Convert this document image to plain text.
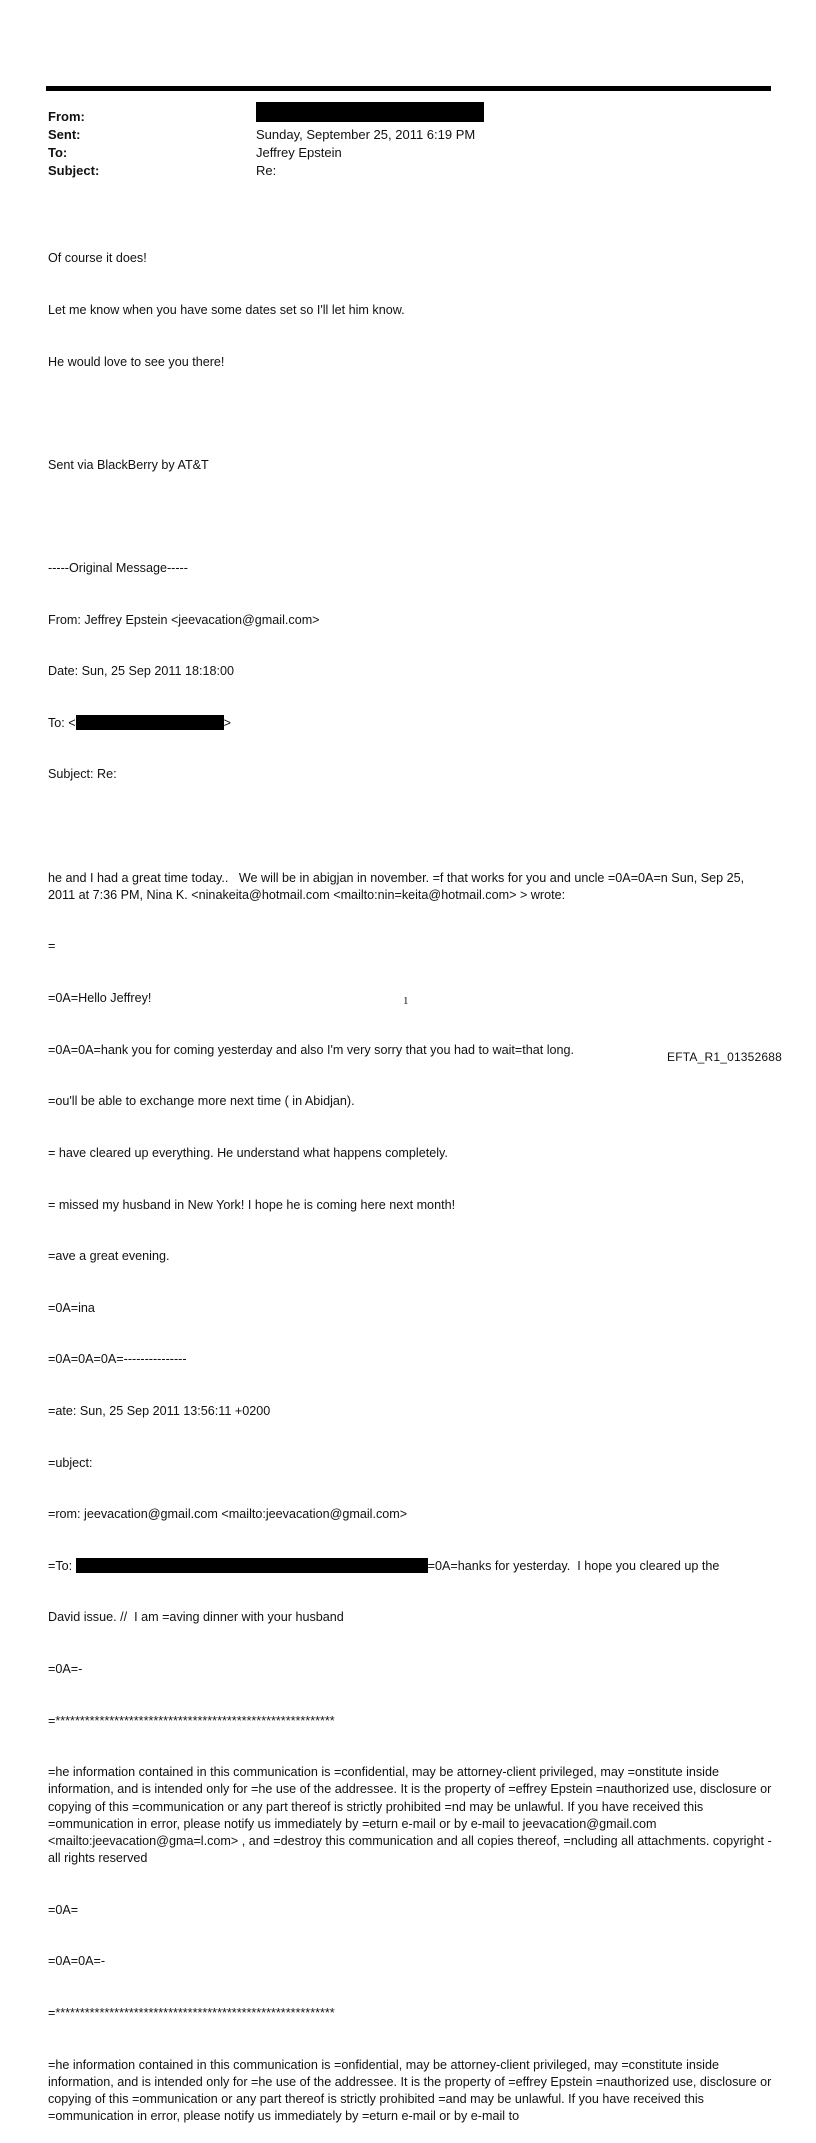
From:
Sent:	Sunday, September 25, 2011 6:19 PM
To:	Jeffrey Epstein
Subject:	Re:

Of course it does!

Let me know when you have some dates set so I'll let him know.

He would love to see you there!

Sent via BlackBerry by AT&T

-----Original Message-----

From: Jeffrey Epstein <jeevacation@gmail.com>

Date: Sun, 25 Sep 2011 18:18:00

To: <	>

Subject: Re:

he and I had a great time today..   We will be in abigjan in november. =f that works for you and uncle =0A=0A=n Sun, Sep 25, 2011 at 7:36 PM, Nina K. <ninakeita@hotmail.com <mailto:nin=keita@hotmail.com> > wrote:

=

=0A=Hello Jeffrey!

=0A=0A=hank you for coming yesterday and also I'm very sorry that you had to wait=that long.

=ou'll be able to exchange more next time ( in Abidjan).

= have cleared up everything. He understand what happens completely.

= missed my husband in New York! I hope he is coming here next month!

=ave a great evening.

=0A=ina

=0A=0A=0A=---------------

=ate: Sun, 25 Sep 2011 13:56:11 +0200

=ubject:

=rom: jeevacation@gmail.com <mailto:jeevacation@gmail.com>

=To:	=0A=hanks for yesterday.  I hope you cleared up the

David issue. //  I am =aving dinner with your husband

=0A=-

=*********************************************************

=he information contained in this communication is =confidential, may be attorney-client privileged, may =onstitute inside information, and is intended only for =he use of the addressee. It is the property of =effrey Epstein =nauthorized use, disclosure or copying of this =communication or any part thereof is strictly prohibited =nd may be unlawful. If you have received this =ommunication in error, please notify us immediately by =eturn e-mail or by e-mail to jeevacation@gmail.com <mailto:jeevacation@gma=l.com> , and =destroy this communication and all copies thereof, =ncluding all attachments. copyright -all rights reserved

=0A=

=0A=0A=-

=*********************************************************

=he information contained in this communication is =onfidential, may be attorney-client privileged, may =constitute inside information, and is intended only for =he use of the addressee. It is the property of =effrey Epstein =nauthorized use, disclosure or copying of this =ommunication or any part thereof is strictly prohibited =and may be unlawful. If you have received this =ommunication in error, please notify us immediately by =eturn e-mail or by e-mail to

1
EFTA_R1_01352688
